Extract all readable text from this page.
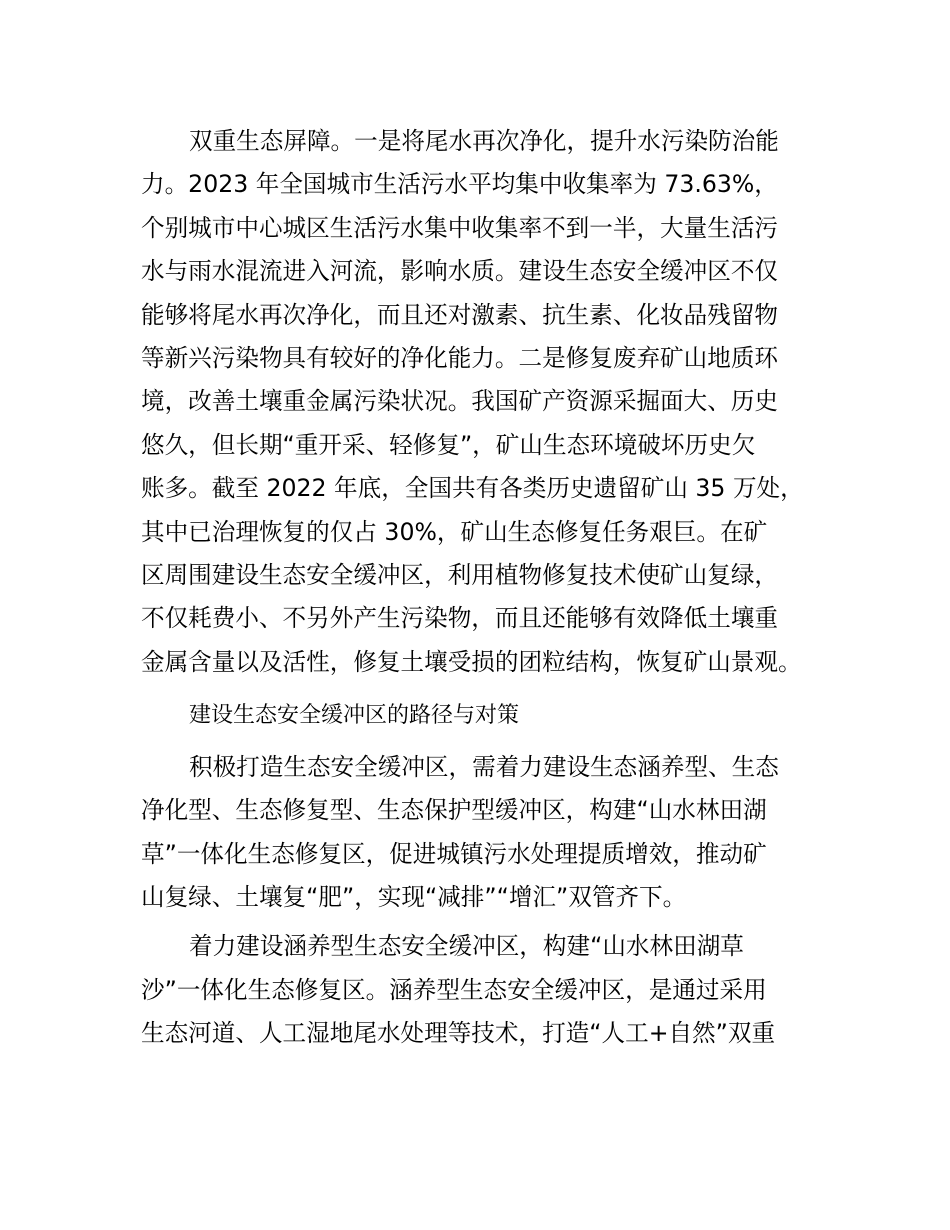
双重生态屏障。一是将尾水再次净化，提升水污染防治能
力。2023 年全国城市生活污水平均集中收集率为 73.63%，
个别城市中心城区生活污水集中收集率不到一半，大量生活污
水与雨水混流进入河流，影响水质。建设生态安全缓冲区不仅
能够将尾水再次净化，而且还对激素、抗生素、化妆品残留物
等新兴污染物具有较好的净化能力。二是修复废弃矿山地质环
境，改善土壤重金属污染状况。我国矿产资源采掘面大、历史
悠久，但长期“重开采、轻修复”，矿山生态环境破坏历史欠
账多。截至 2022 年底，全国共有各类历史遗留矿山 35 万处，
其中已治理恢复的仅占 30%，矿山生态修复任务艰巨。在矿
区周围建设生态安全缓冲区，利用植物修复技术使矿山复绿，
不仅耗费小、不另外产生污染物，而且还能够有效降低土壤重
金属含量以及活性，修复土壤受损的团粒结构，恢复矿山景观。
建设生态安全缓冲区的路径与对策
积极打造生态安全缓冲区，需着力建设生态涵养型、生态
净化型、生态修复型、生态保护型缓冲区，构建“山水林田湖
草”一体化生态修复区，促进城镇污水处理提质增效，推动矿
山复绿、土壤复“肥”，实现“减排”“增汇”双管齐下。
着力建设涵养型生态安全缓冲区，构建“山水林田湖草
沙”一体化生态修复区。涵养型生态安全缓冲区，是通过采用
生态河道、人工湿地尾水处理等技术，打造“人工+自然”双重
